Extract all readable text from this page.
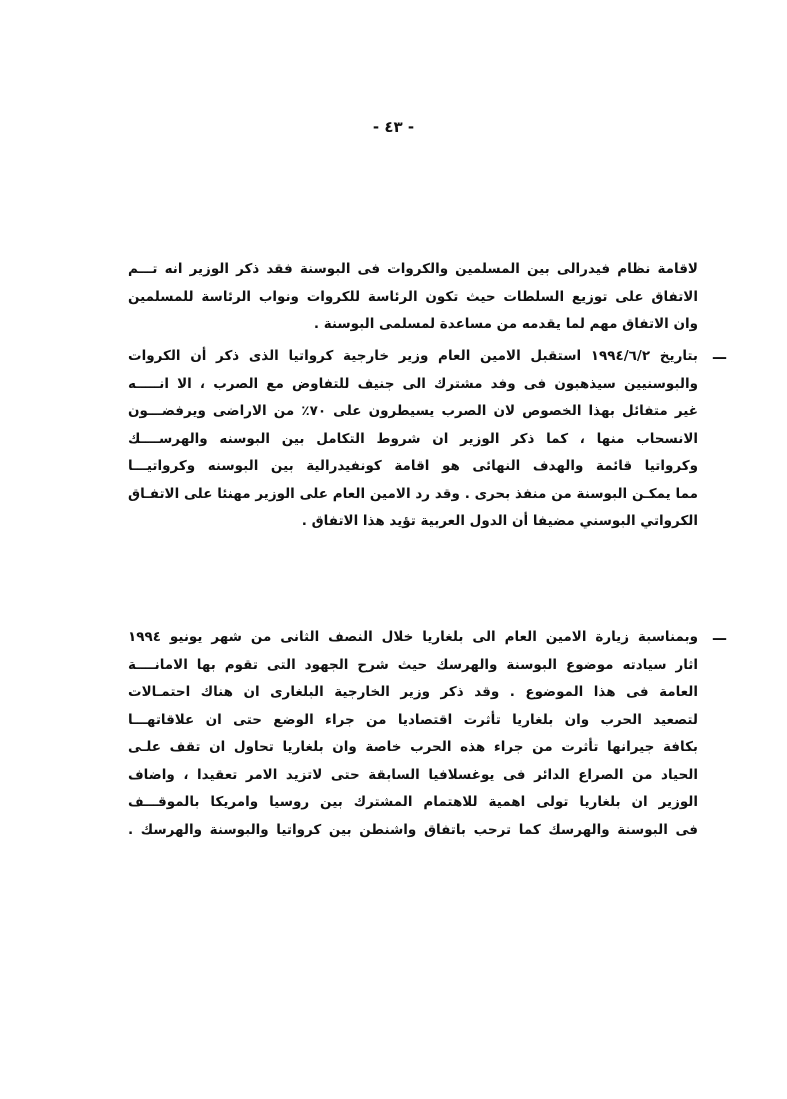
- ٤٣ -
لاقامة نظام فيدرالى بين المسلمين والكروات فى البوسنة فقد ذكر الوزير انه تـــم
الاتفاق على توزيع السلطات حيث تكون الرئاسة للكروات ونواب الرئاسة للمسلمين
وان الاتفاق مهم لما يقدمه من مساعدة لمسلمى البوسنة .
—
بتاريخ ١٩٩٤/٦/٢ استقبل الامين العام وزير خارجية كرواتيا الذى ذكر أن الكروات
والبوسنيين سيذهبون فى وفد مشترك الى جنيف للتفاوض مع الصرب ، الا انـــــه
غير متفائل بهذا الخصوص لان الصرب يسيطرون على ٧٠٪ من الاراضى ويرفضـــون
الانسحاب منها ، كما ذكر الوزير ان شروط التكامل بين البوسنه والهرســــك
وكرواتيا قائمة والهدف النهائى هو اقامة كونفيدرالية بين البوسنه وكرواتيـــا
مما يمكـن البوسنة من منفذ بحرى . وقد رد الامين العام على الوزير مهنئا على الاتفـاق
الكرواتي البوسني مضيفا أن الدول العربية تؤيد هذا الاتفاق .
—
وبمناسبة زيارة الامين العام الى بلغاريا خلال النصف الثانى من شهر يونيو ١٩٩٤
اثار سيادته موضوع البوسنة والهرسك حيث شرح الجهود التى تقوم بها الامانــــة
العامة فى هذا الموضوع . وقد ذكر وزير الخارجية البلغارى ان هناك احتمـالات
لتصعيد الحرب وان بلغاريا تأثرت اقتصاديا من جراء الوضع حتى ان علاقاتهـــا
بكافة جيرانها تأثرت من جراء هذه الحرب خاصة وان بلغاريا تحاول ان تقف علـى
الحياد من الصراع الدائر فى يوغسلافيا السابقة حتى لاتزيد الامر تعقيدا ، واضاف
الوزير ان بلغاريا تولى اهمية للاهتمام المشترك بين روسيا وامريكا بالموقـــف
فى البوسنة والهرسك كما ترحب باتفاق واشنطن بين كرواتيا والبوسنة والهرسك .
